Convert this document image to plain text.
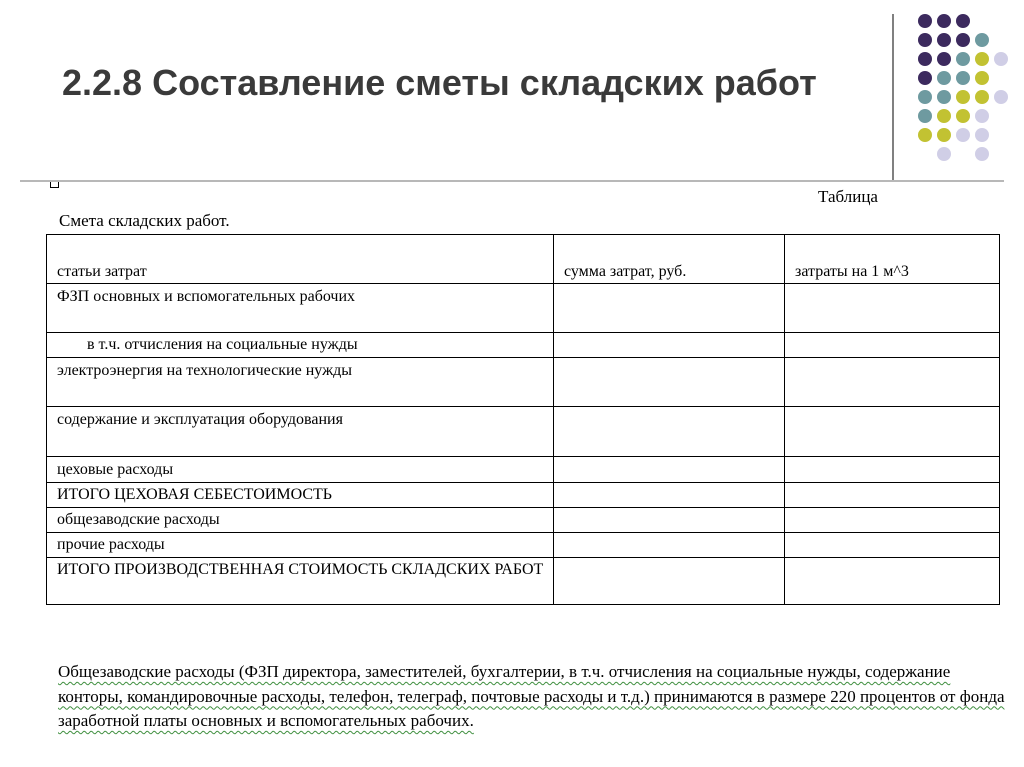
2.2.8 Составление сметы складских работ
Таблица
Смета складских работ.
статьи затрат	сумма затрат, руб.	затраты на 1 м^3
ФЗП основных и вспомогательных рабочих		
в т.ч. отчисления на социальные нужды		
электроэнергия на технологические нужды		
содержание и эксплуатация оборудования		
цеховые расходы		
ИТОГО ЦЕХОВАЯ СЕБЕСТОИМОСТЬ		
общезаводские расходы		
прочие расходы		
ИТОГО ПРОИЗВОДСТВЕННАЯ СТОИМОСТЬ СКЛАДСКИХ РАБОТ		
Общезаводские расходы (ФЗП директора, заместителей, бухгалтерии, в т.ч. отчисления на социальные нужды, содержание конторы, командировочные расходы, телефон, телеграф, почтовые расходы и т.д.) принимаются в размере 220 процентов от фонда заработной платы основных и вспомогательных рабочих.
